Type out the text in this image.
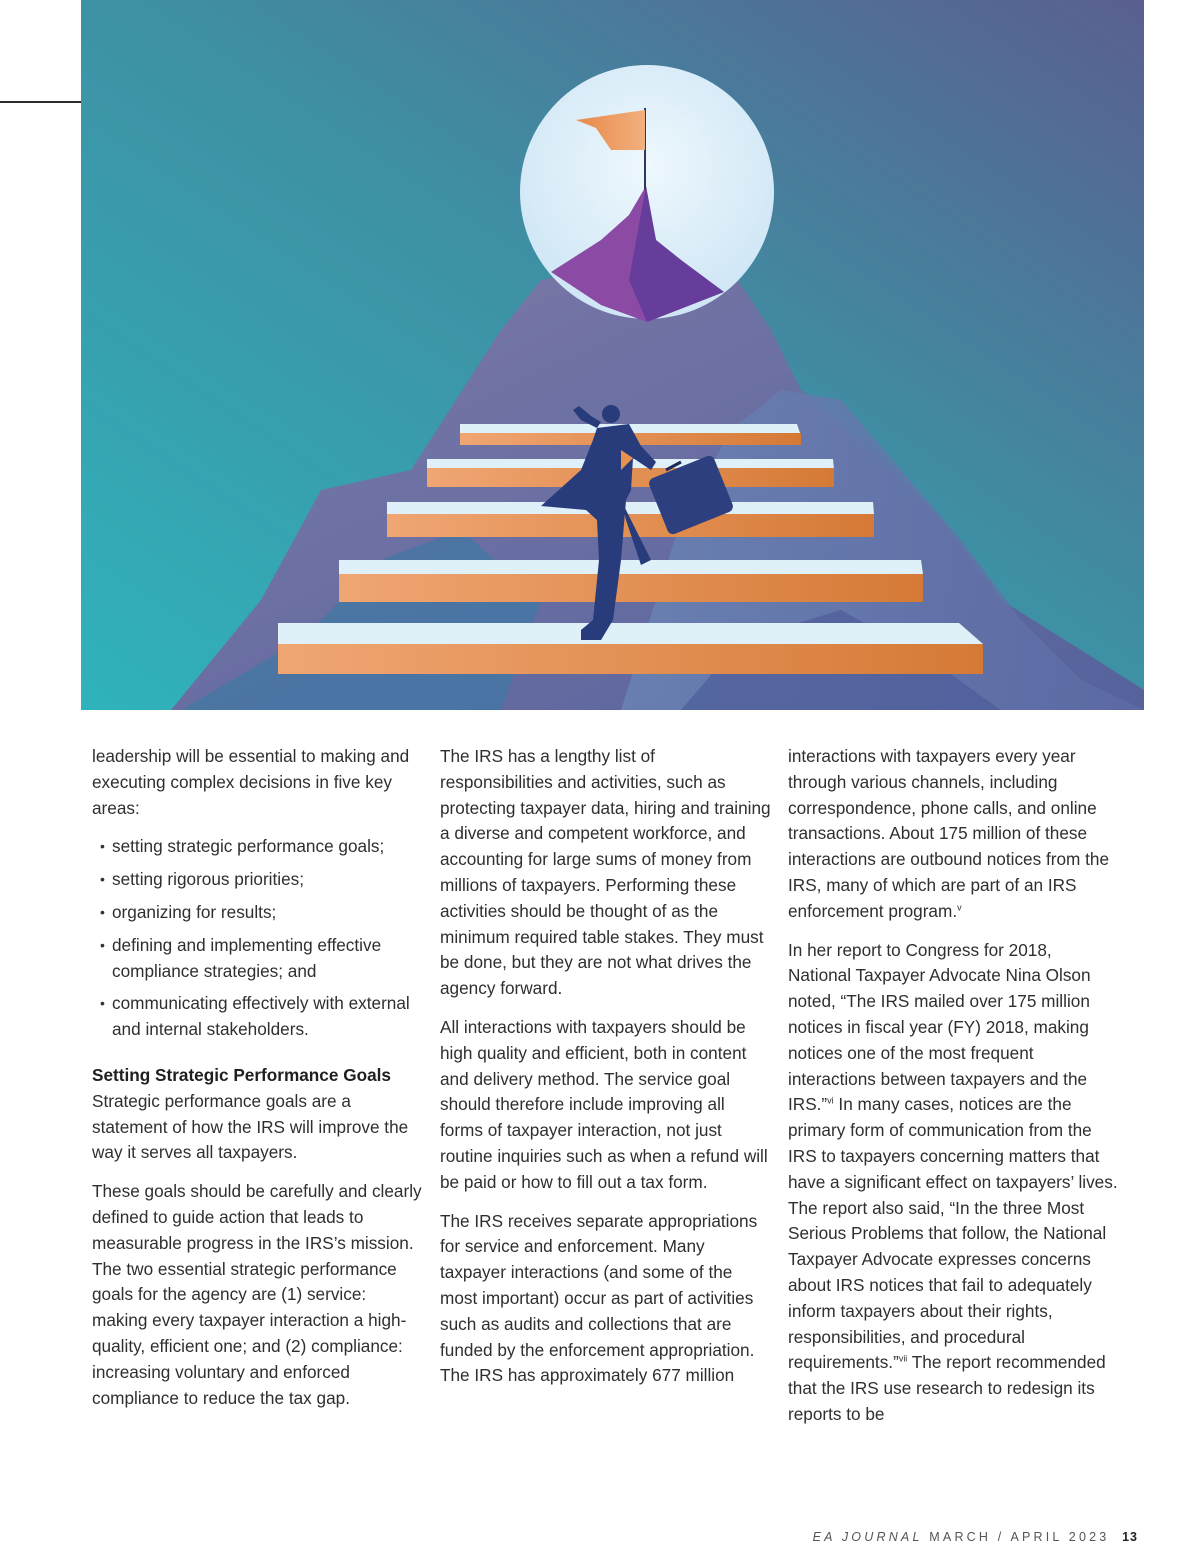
leadership will be essential to making and executing complex decisions in five key areas:

• setting strategic performance goals;
• setting rigorous priorities;
• organizing for results;
• defining and implementing effective compliance strategies; and
• communicating effectively with external and internal stakeholders.

Setting Strategic Performance Goals
Strategic performance goals are a statement of how the IRS will improve the way it serves all taxpayers.

These goals should be carefully and clearly defined to guide action that leads to measurable progress in the IRS’s mission. The two essential strategic performance goals for the agency are (1) service: making every taxpayer interaction a high-quality, efficient one; and (2) compliance: increasing voluntary and enforced compliance to reduce the tax gap.

The IRS has a lengthy list of responsibilities and activities, such as protecting taxpayer data, hiring and training a diverse and competent workforce, and accounting for large sums of money from millions of taxpayers. Performing these activities should be thought of as the minimum required table stakes. They must be done, but they are not what drives the agency forward.

All interactions with taxpayers should be high quality and efficient, both in content and delivery method. The service goal should therefore include improving all forms of taxpayer interaction, not just routine inquiries such as when a refund will be paid or how to fill out a tax form.

The IRS receives separate appropriations for service and enforcement. Many taxpayer interactions (and some of the most important) occur as part of activities such as audits and collections that are funded by the enforcement appropriation. The IRS has approximately 677 million

interactions with taxpayers every year through various channels, including correspondence, phone calls, and online transactions. About 175 million of these interactions are outbound notices from the IRS, many of which are part of an IRS enforcement program.$^v$

In her report to Congress for 2018, National Taxpayer Advocate Nina Olson noted, “The IRS mailed over 175 million notices in fiscal year (FY) 2018, making notices one of the most frequent interactions between taxpayers and the IRS.”$^{vi}$ In many cases, notices are the primary form of communication from the IRS to taxpayers concerning matters that have a significant effect on taxpayers’ lives. The report also said, “In the three Most Serious Problems that follow, the National Taxpayer Advocate expresses concerns about IRS notices that fail to adequately inform taxpayers about their rights, responsibilities, and procedural requirements.”$^{vii}$ The report recommended that the IRS use research to redesign its reports to be

EA JOURNAL MARCH / APRIL 2023 13
